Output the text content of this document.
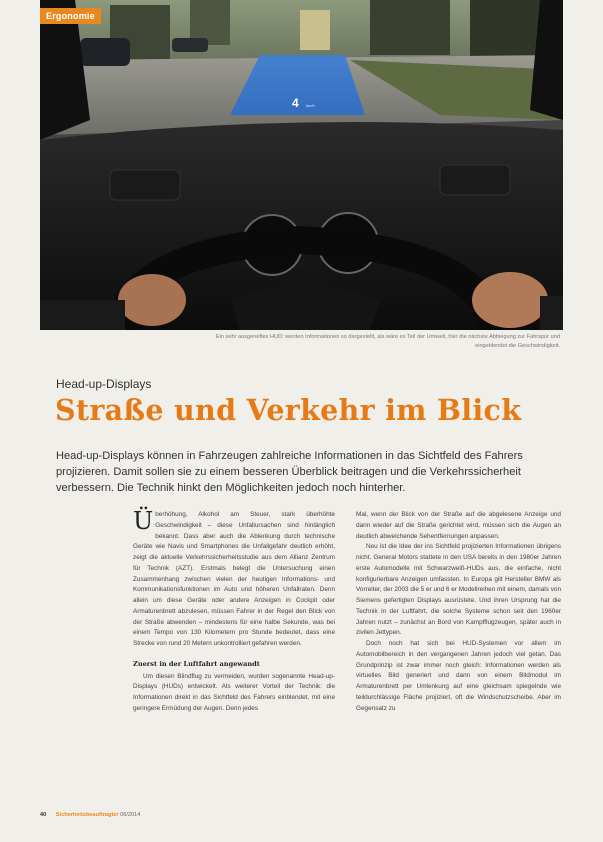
4 km/h
Ergonomie
Ein sehr ausgereiftes HUD: werden Informationen so dargestellt, als wäre es Teil der Umwelt, hier die nächste Abbiegung zur Fahrspur und
eingeblendet die Geschwindigkeit.
Head-up-Displays
Straße und Verkehr im Blick
Head-up-Displays können in Fahrzeugen zahlreiche Informationen in das Sichtfeld des Fahrers projizieren. Damit sollen sie zu einem besseren Überblick beitragen und die Verkehrssicherheit verbessern. Die Technik hinkt den Möglichkeiten jedoch noch hinterher.

Überhöhung, Alkohol am Steuer, stark überhöhte Geschwindigkeit – diese Unfallursachen sind hinlänglich bekannt. Dass aber auch die Ablenkung durch technische Geräte wie Navis und Smartphones die Unfallgefahr deutlich erhöht, zeigt die aktuelle Verkehrssicherheitsstudie aus dem Allianz Zentrum für Technik (AZT). Erstmals belegt die Untersuchung einen Zusammenhang zwischen vielen der heutigen Informations- und Kommunikationsfunktionen im Auto und höheren Unfallraten. Denn allein um diese Geräte oder andere Anzeigen in Cockpit oder Armaturenbrett abzulesen, müssen Fahrer in der Regel den Blick von der Straße abwenden – mindestens für eine halbe Sekunde, was bei einem Tempo von 130 Kilometern pro Stunde bedeutet, dass eine Strecke von rund 20 Metern unkontrolliert gefahren werden.

Zuerst in der Luftfahrt angewandt

Um diesen Blindflug zu vermeiden, wurden sogenannte Head-up-Displays (HUDs) entwickelt. Als weiterer Vorteil der Technik: die Informationen direkt in das Sichtfeld des Fahrers einblendet, mit eine geringere Ermüdung der Augen. Denn jedes

Mal, wenn der Blick von der Straße auf die abgelesene Anzeige und dann wieder auf die Straße gerichtet wird, müssen sich die Augen an deutlich abweichende Sehentfernungen anpassen.

Neu ist die Idee der ins Sichtfeld projizierten Informationen übrigens nicht. General Motors stattete in den USA bereits in den 1980er Jahren erste Automodelle mit Schwarzweiß-HUDs aus, die einfache, nicht konfigurierbare Anzeigen umfassten. In Europa gilt Hersteller BMW als Vorreiter, der 2003 die 5 er und 6 er Modellreihen mit einem, damals von Siemens gefertigten Displays ausrüstete. Und ihren Ursprung hat die Technik in der Luftfahrt, die solche Systeme schon seit den 1960er Jahren nutzt – zunächst an Bord von Kampfflugzeugen, später auch in zivilen Jettypen.

Doch noch hat sich bei HUD-Systemen vor allem im Automobilbereich in den vergangenen Jahren jedoch viel getan. Das Grundprinzip ist zwar immer noch gleich: Informationen werden als virtuelles Bild generiert und dann von einem Bildmodul im Armaturenbrett per Umlenkung auf eine gleichsam spiegelnde wie teildurchlässige Fläche projiziert, oft die Windschutzscheibe. Aber im Gegensatz zu

40 Sicherheitsbeauftragter 06/2014
